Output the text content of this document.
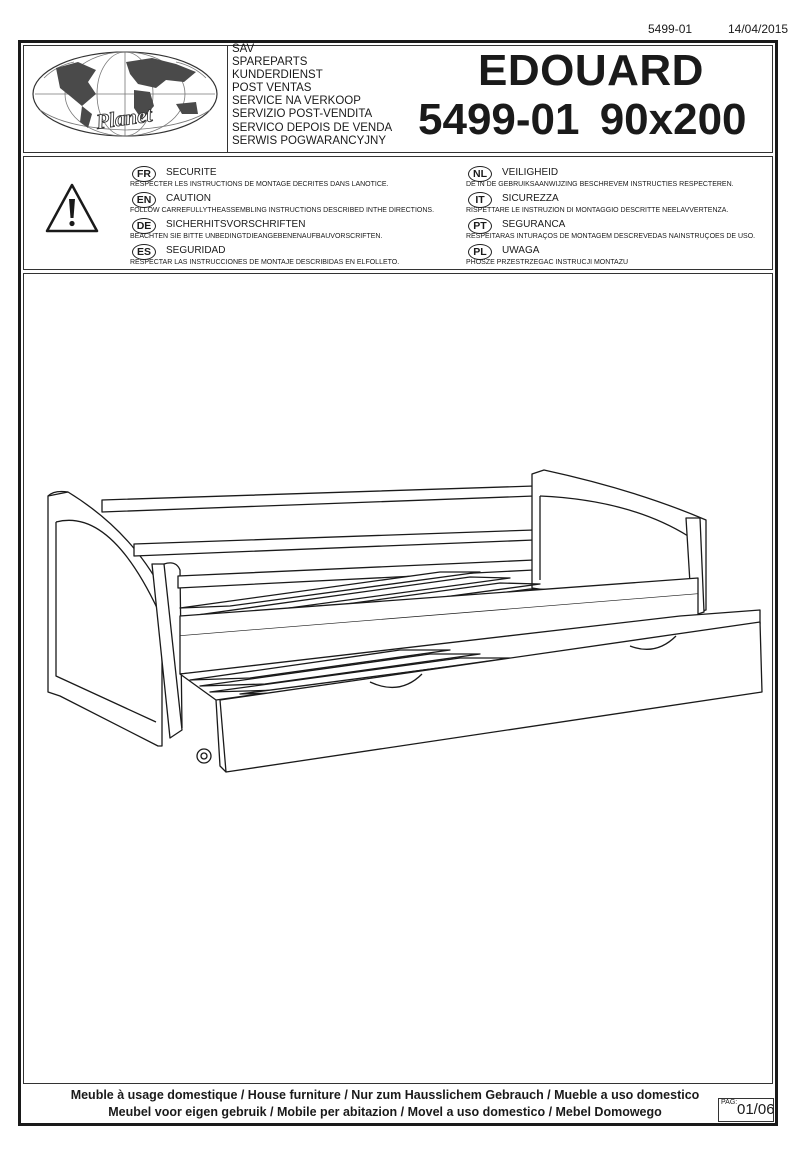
5499-01	14/04/2015
Planet
SAV
SPAREPARTS
KUNDERDIENST
POST VENTAS
SERVICE NA VERKOOP
SERVIZIO POST-VENDITA
SERVICO DEPOIS DE VENDA
SERWIS POGWARANCYJNY
EDOUARD
5499-01 90x200
FR	SECURITE
RESPECTER LES INSTRUCTIONS DE MONTAGE DECRITES DANS LANOTICE.
EN	CAUTION
FOLLOW CARREFULLYTHEASSEMBLING INSTRUCTIONS DESCRIBED INTHE DIRECTIONS.
DE	SICHERHITSVORSCHRIFTEN
BEACHTEN SIE BITTE UNBEDINGTDIEANGEBENENAUFBAUVORSCRIFTEN.
ES	SEGURIDAD
RESPECTAR LAS INSTRUCCIONES DE MONTAJE DESCRIBIDAS EN ELFOLLETO.
NL	VEILIGHEID
DE IN DE GEBRUIKSAANWIJZING BESCHREVEM INSTRUCTIES RESPECTEREN.
IT	SICUREZZA
RISPETTARE LE INSTRUZION DI MONTAGGIO DESCRITTE NEELAVVERTENZA.
PT	SEGURANCA
RESPEITARAS INTURAÇOS DE MONTAGEM DESCREVEDAS NAINSTRUÇOES DE USO.
PL	UWAGA
PHOSZE PRZESTRZEGAC INSTRUCJI MONTAZU
Meuble à usage domestique / House furniture / Nur zum Hausslichem Gebrauch / Mueble a uso domestico
Meubel voor eigen gebruik / Mobile per abitazion / Movel a uso domestico / Mebel Domowego
PAG: 01/06
